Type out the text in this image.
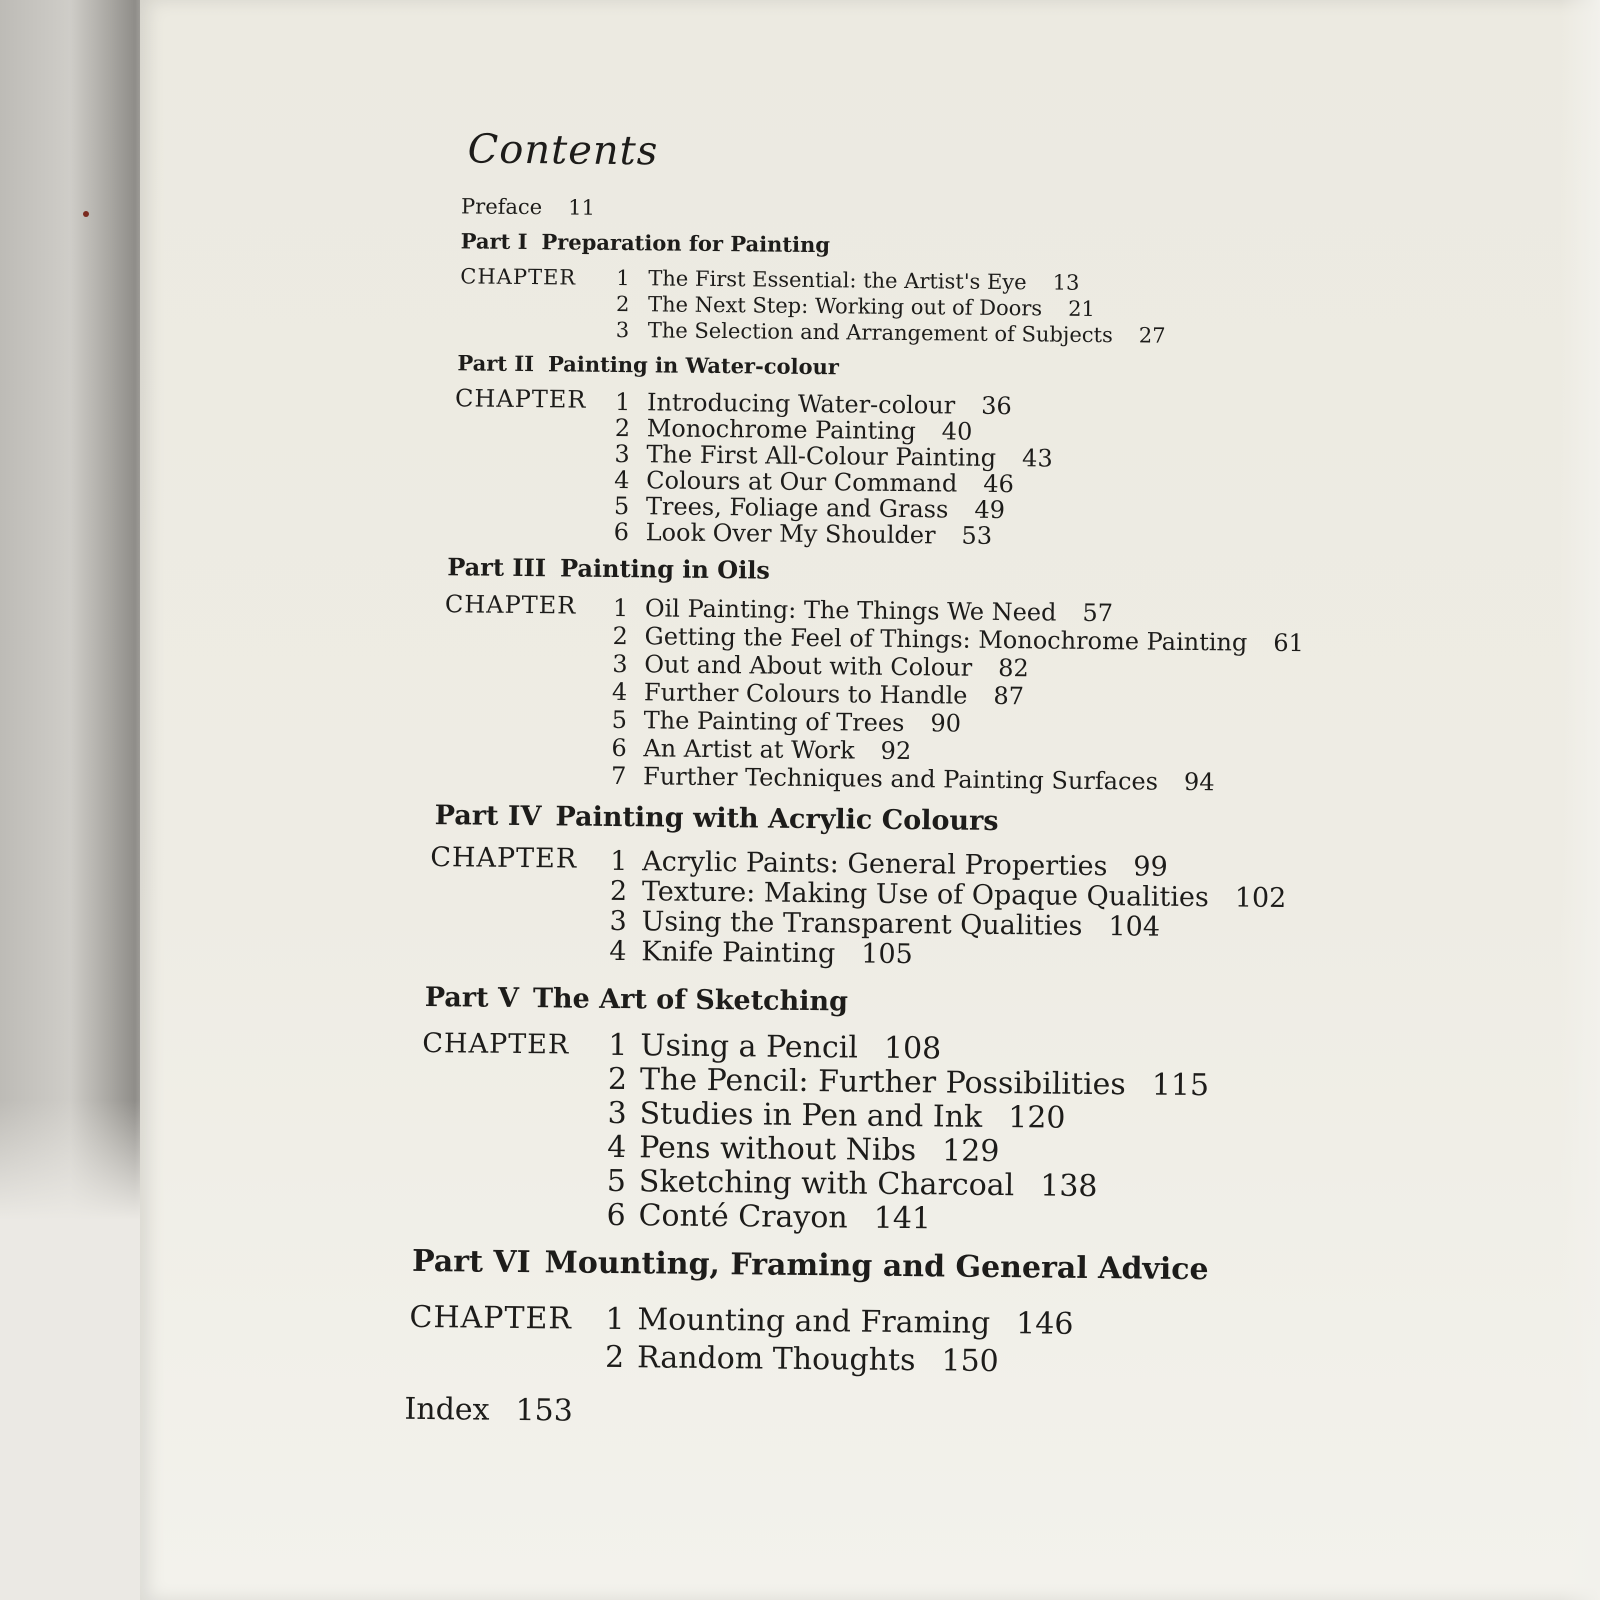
Contents
Preface 11
Part I Preparation for Painting
CHAPTER 1 The First Essential: the Artist's Eye 13
2 The Next Step: Working out of Doors 21
3 The Selection and Arrangement of Subjects 27
Part II Painting in Water-colour
CHAPTER 1 Introducing Water-colour 36
2 Monochrome Painting 40
3 The First All-Colour Painting 43
4 Colours at Our Command 46
5 Trees, Foliage and Grass 49
6 Look Over My Shoulder 53
Part III Painting in Oils
CHAPTER 1 Oil Painting: The Things We Need 57
2 Getting the Feel of Things: Monochrome Painting 61
3 Out and About with Colour 82
4 Further Colours to Handle 87
5 The Painting of Trees 90
6 An Artist at Work 92
7 Further Techniques and Painting Surfaces 94
Part IV Painting with Acrylic Colours
CHAPTER 1 Acrylic Paints: General Properties 99
2 Texture: Making Use of Opaque Qualities 102
3 Using the Transparent Qualities 104
4 Knife Painting 105
Part V The Art of Sketching
CHAPTER 1 Using a Pencil 108
2 The Pencil: Further Possibilities 115
3 Studies in Pen and Ink 120
4 Pens without Nibs 129
5 Sketching with Charcoal 138
6 Conté Crayon 141
Part VI Mounting, Framing and General Advice
CHAPTER 1 Mounting and Framing 146
2 Random Thoughts 150
Index 153
